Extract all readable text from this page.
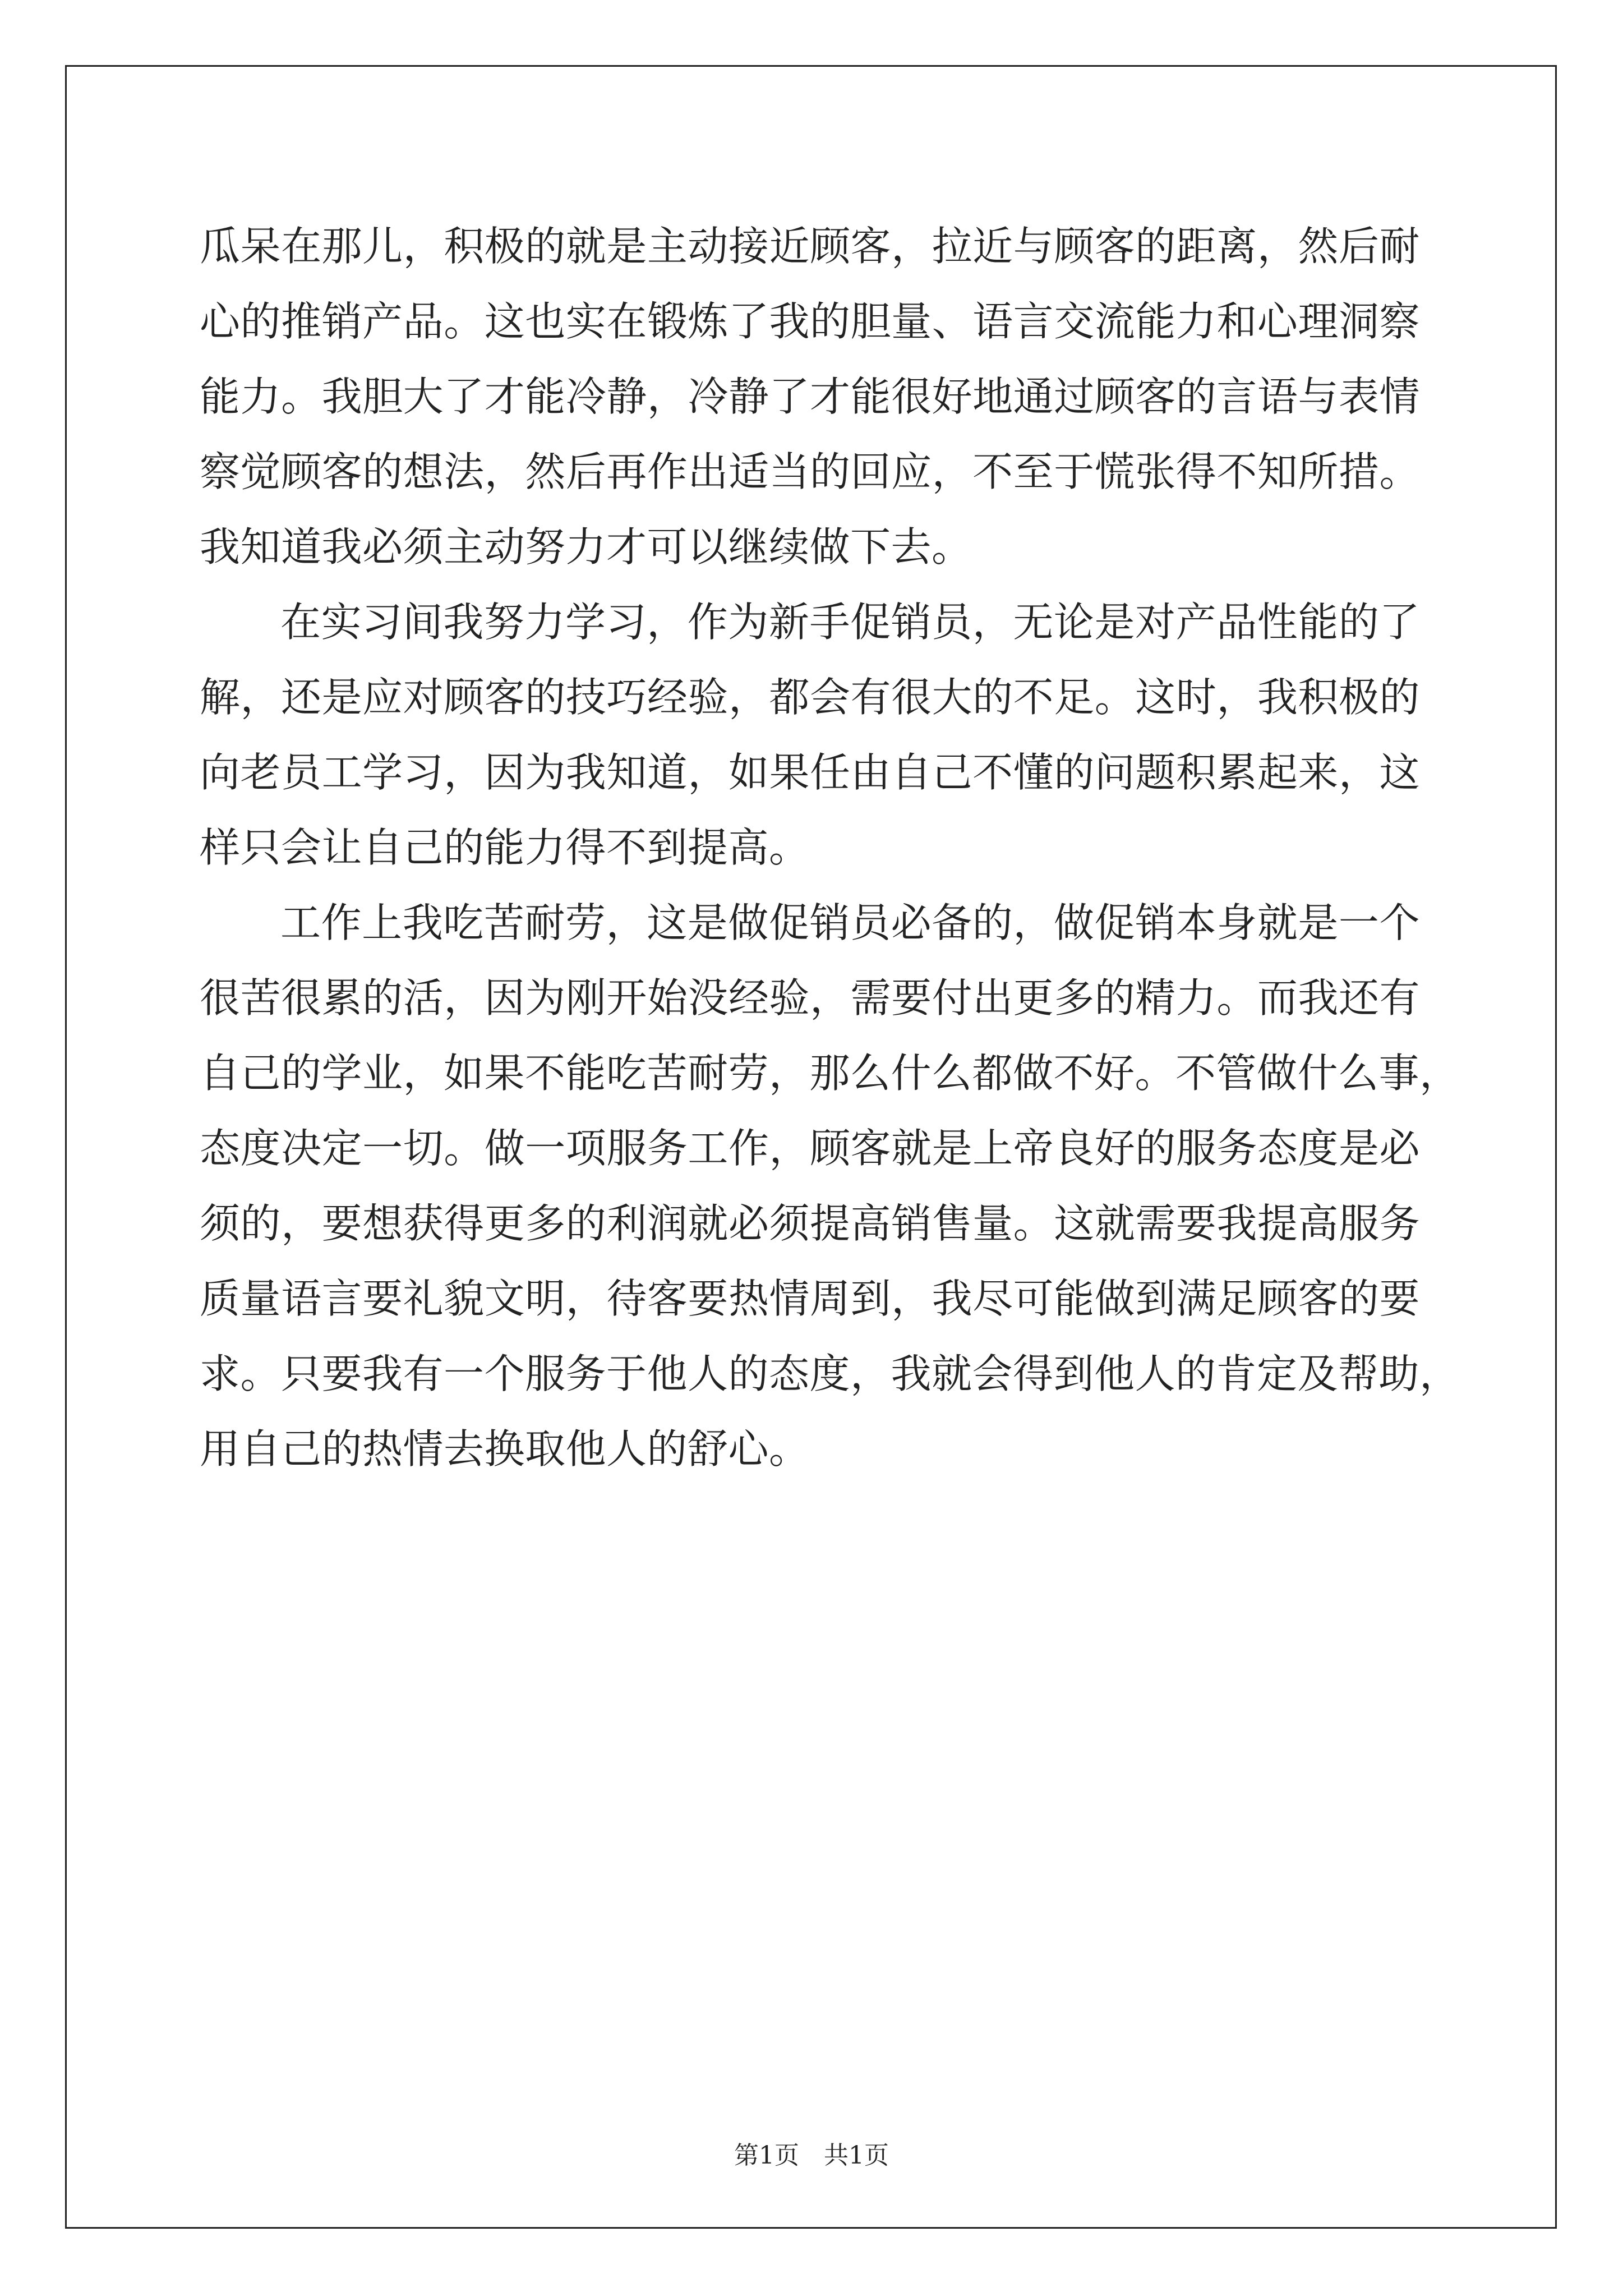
瓜呆在那儿，积极的就是主动接近顾客，拉近与顾客的距离，然后耐
心的推销产品。这也实在锻炼了我的胆量、语言交流能力和心理洞察
能力。我胆大了才能冷静，冷静了才能很好地通过顾客的言语与表情
察觉顾客的想法，然后再作出适当的回应，不至于慌张得不知所措。
我知道我必须主动努力才可以继续做下去。
在实习间我努力学习，作为新手促销员，无论是对产品性能的了
解，还是应对顾客的技巧经验，都会有很大的不足。这时，我积极的
向老员工学习，因为我知道，如果任由自己不懂的问题积累起来，这
样只会让自己的能力得不到提高。
工作上我吃苦耐劳，这是做促销员必备的，做促销本身就是一个
很苦很累的活，因为刚开始没经验，需要付出更多的精力。而我还有
自己的学业，如果不能吃苦耐劳，那么什么都做不好。不管做什么事，
态度决定一切。做一项服务工作，顾客就是上帝良好的服务态度是必
须的，要想获得更多的利润就必须提高销售量。这就需要我提高服务
质量语言要礼貌文明，待客要热情周到，我尽可能做到满足顾客的要
求。只要我有一个服务于他人的态度，我就会得到他人的肯定及帮助，
用自己的热情去换取他人的舒心。
第1页　共1页
